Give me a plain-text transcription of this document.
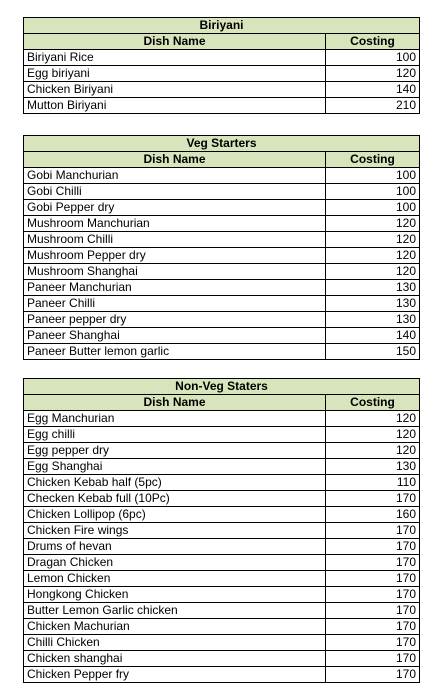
Biriyani	
Dish Name	Costing
Biriyani Rice	100
Egg biriyani	120
Chicken Biriyani	140
Mutton Biriyani	210
Veg Starters	
Dish Name	Costing
Gobi Manchurian	100
Gobi Chilli	100
Gobi Pepper dry	100
Mushroom Manchurian	120
Mushroom Chilli	120
Mushroom Pepper dry	120
Mushroom Shanghai	120
Paneer Manchurian	130
Paneer Chilli	130
Paneer pepper dry	130
Paneer Shanghai	140
Paneer Butter lemon garlic	150
Non-Veg Staters	
Dish Name	Costing
Egg Manchurian	120
Egg chilli	120
Egg pepper dry	120
Egg Shanghai	130
Chicken Kebab half (5pc)	110
Checken Kebab full (10Pc)	170
Chicken Lollipop (6pc)	160
Chicken Fire wings	170
Drums of hevan	170
Dragan Chicken	170
Lemon Chicken	170
Hongkong Chicken	170
Butter Lemon Garlic chicken	170
Chicken Machurian	170
Chilli Chicken	170
Chicken shanghai	170
Chicken Pepper fry	170
